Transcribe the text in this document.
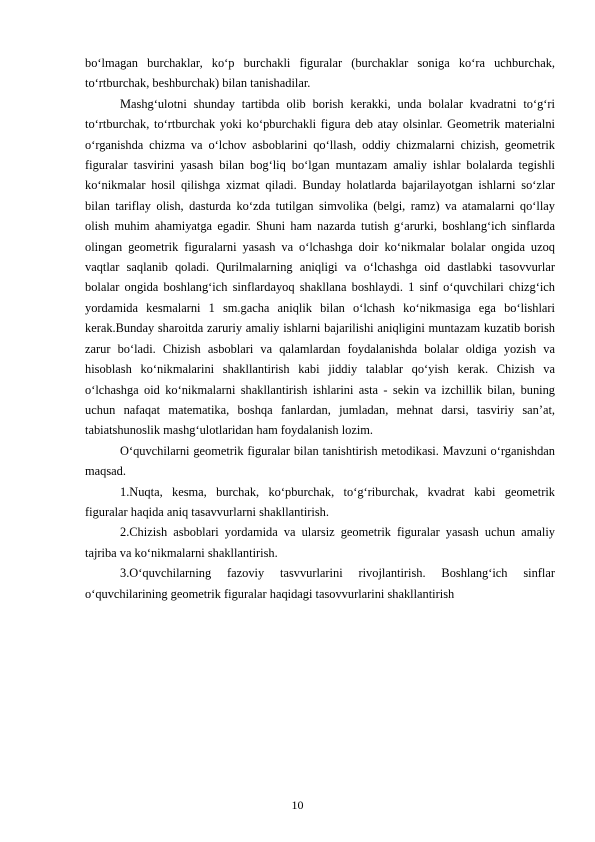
bo‘lmagan burchaklar, ko‘p burchakli figuralar (burchaklar soniga ko‘ra uchburchak, to‘rtburchak, beshburchak) bilan tanishadilar.

Mashg‘ulotni shunday tartibda olib borish kerakki, unda bolalar kvadratni to‘g‘ri to‘rtburchak, to‘rtburchak yoki ko‘pburchakli figura deb atay olsinlar. Geometrik materialni o‘rganishda chizma va o‘lchov asboblarini qo‘llash, oddiy chizmalarni chizish, geometrik figuralar tasvirini yasash bilan bog‘liq bo‘lgan muntazam amaliy ishlar bolalarda tegishli ko‘nikmalar hosil qilishga xizmat qiladi. Bunday holatlarda bajarilayotgan ishlarni so‘zlar bilan tariflay olish, dasturda ko‘zda tutilgan simvolika (belgi, ramz) va atamalarni qo‘llay olish muhim ahamiyatga egadir. Shuni ham nazarda tutish g‘arurki, boshlang‘ich sinflarda olingan geometrik figuralarni yasash va o‘lchashga doir ko‘nikmalar bolalar ongida uzoq vaqtlar saqlanib qoladi. Qurilmalarning aniqligi va o‘lchashga oid dastlabki tasovvurlar bolalar ongida boshlang‘ich sinflardayoq shakllana boshlaydi. 1 sinf o‘quvchilari chizg‘ich yordamida kesmalarni 1 sm.gacha aniqlik bilan o‘lchash ko‘nikmasiga ega bo‘lishlari kerak.Bunday sharoitda zaruriy amaliy ishlarni bajarilishi aniqligini muntazam kuzatib borish zarur bo‘ladi. Chizish asboblari va qalamlardan foydalanishda bolalar oldiga yozish va hisoblash ko‘nikmalarini shakllantirish kabi jiddiy talablar qo‘yish kerak. Chizish va o‘lchashga oid ko‘nikmalarni shakllantirish ishlarini asta - sekin va izchillik bilan, buning uchun nafaqat matematika, boshqa fanlardan, jumladan, mehnat darsi, tasviriy san’at, tabiatshunoslik mashg‘ulotlaridan ham foydalanish lozim.

O‘quvchilarni geometrik figuralar bilan tanishtirish metodikasi. Mavzuni o‘rganishdan maqsad.

1.Nuqta, kesma, burchak, ko‘pburchak, to‘g‘riburchak, kvadrat kabi geometrik figuralar haqida aniq tasavvurlarni shakllantirish.

2.Chizish asboblari yordamida va ularsiz geometrik figuralar yasash uchun amaliy tajriba va ko‘nikmalarni shakllantirish.

3.O‘quvchilarning fazoviy tasvvurlarini rivojlantirish. Boshlang‘ich sinflar o‘quvchilarining geometrik figuralar haqidagi tasovvurlarini shakllantirish

10
